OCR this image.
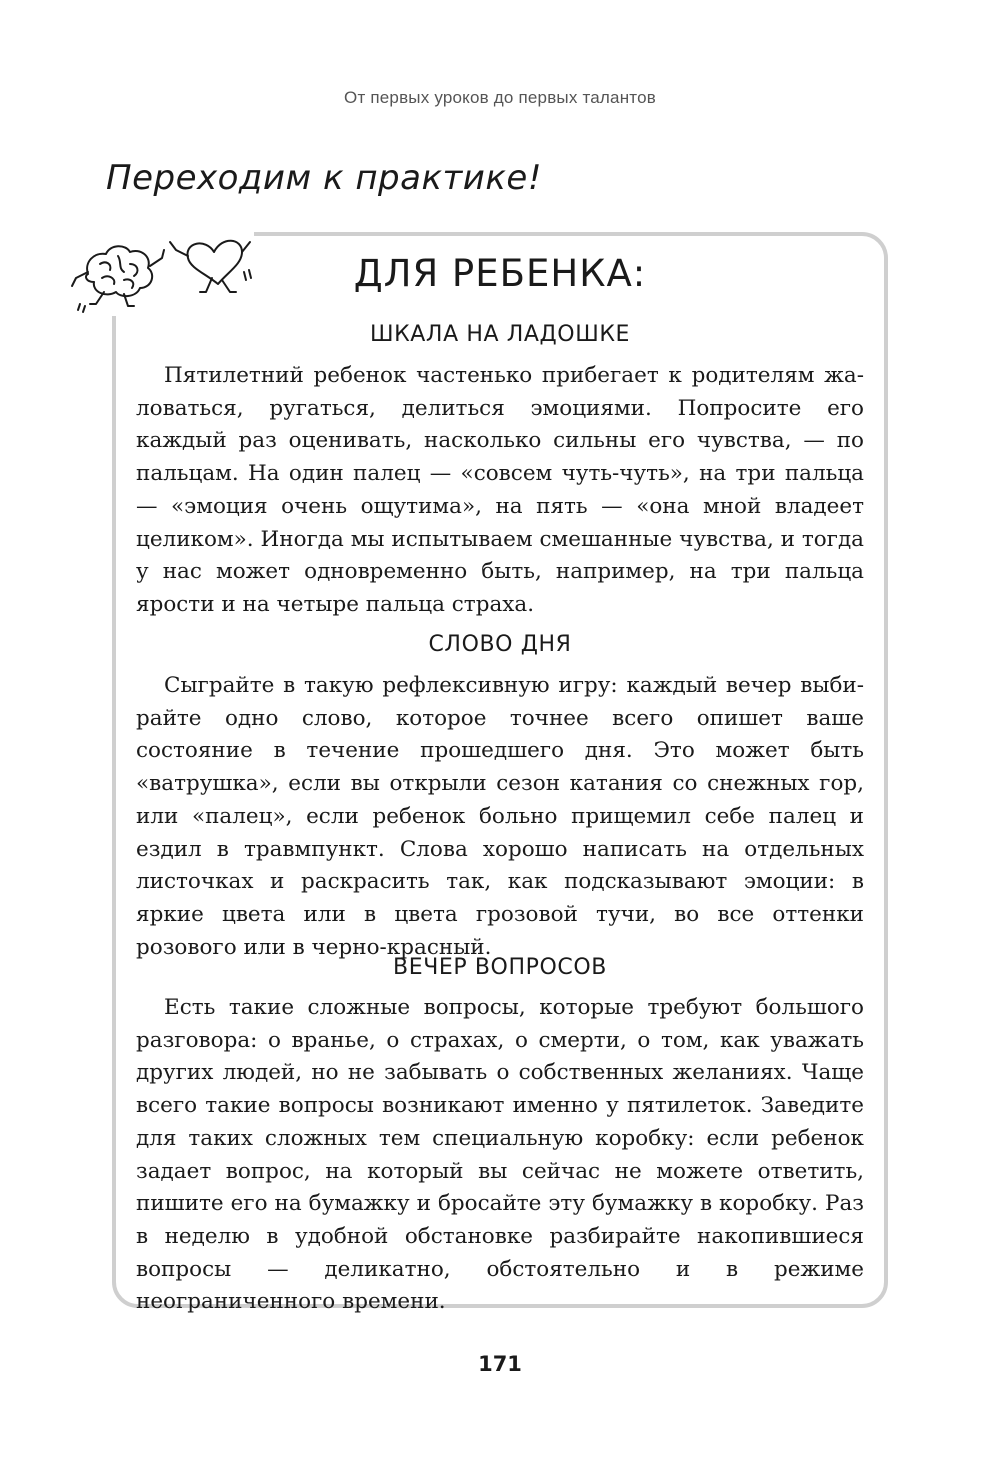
От первых уроков до первых талантов
Переходим к практике!
ДЛЯ РЕБЕНКА:
ШКАЛА НА ЛАДОШКЕ

Пятилетний ребенок частенько прибегает к родителям жаловаться, ругаться, делиться эмоциями. Попросите его каждый раз оценивать, насколько сильны его чувства, — по пальцам. На один палец — «совсем чуть-чуть», на три пальца — «эмоция очень ощутима», на пять — «она мной владеет целиком». Иногда мы испытываем смешанные чувства, и тогда у нас может одновременно быть, например, на три пальца ярости и на четыре пальца страха.

СЛОВО ДНЯ

Сыграйте в такую рефлексивную игру: каждый вечер выбирайте одно слово, которое точнее всего опишет ваше состояние в течение прошедшего дня. Это может быть «ватрушка», если вы открыли сезон катания со снежных гор, или «палец», если ребенок больно прищемил себе палец и ездил в травмпункт. Слова хорошо написать на отдельных листочках и раскрасить так, как подсказывают эмоции: в яркие цвета или в цвета грозовой тучи, во все оттенки розового или в черно-красный.

ВЕЧЕР ВОПРОСОВ

Есть такие сложные вопросы, которые требуют большого разговора: о вранье, о страхах, о смерти, о том, как уважать других людей, но не забывать о собственных желаниях. Чаще всего такие вопросы возникают именно у пятилеток. Заведите для таких сложных тем специальную коробку: если ребенок задает вопрос, на который вы сейчас не можете ответить, пишите его на бумажку и бросайте эту бумажку в коробку. Раз в неделю в удобной обстановке разбирайте накопившиеся вопросы — деликатно, обстоятельно и в режиме неограниченного времени.

171
